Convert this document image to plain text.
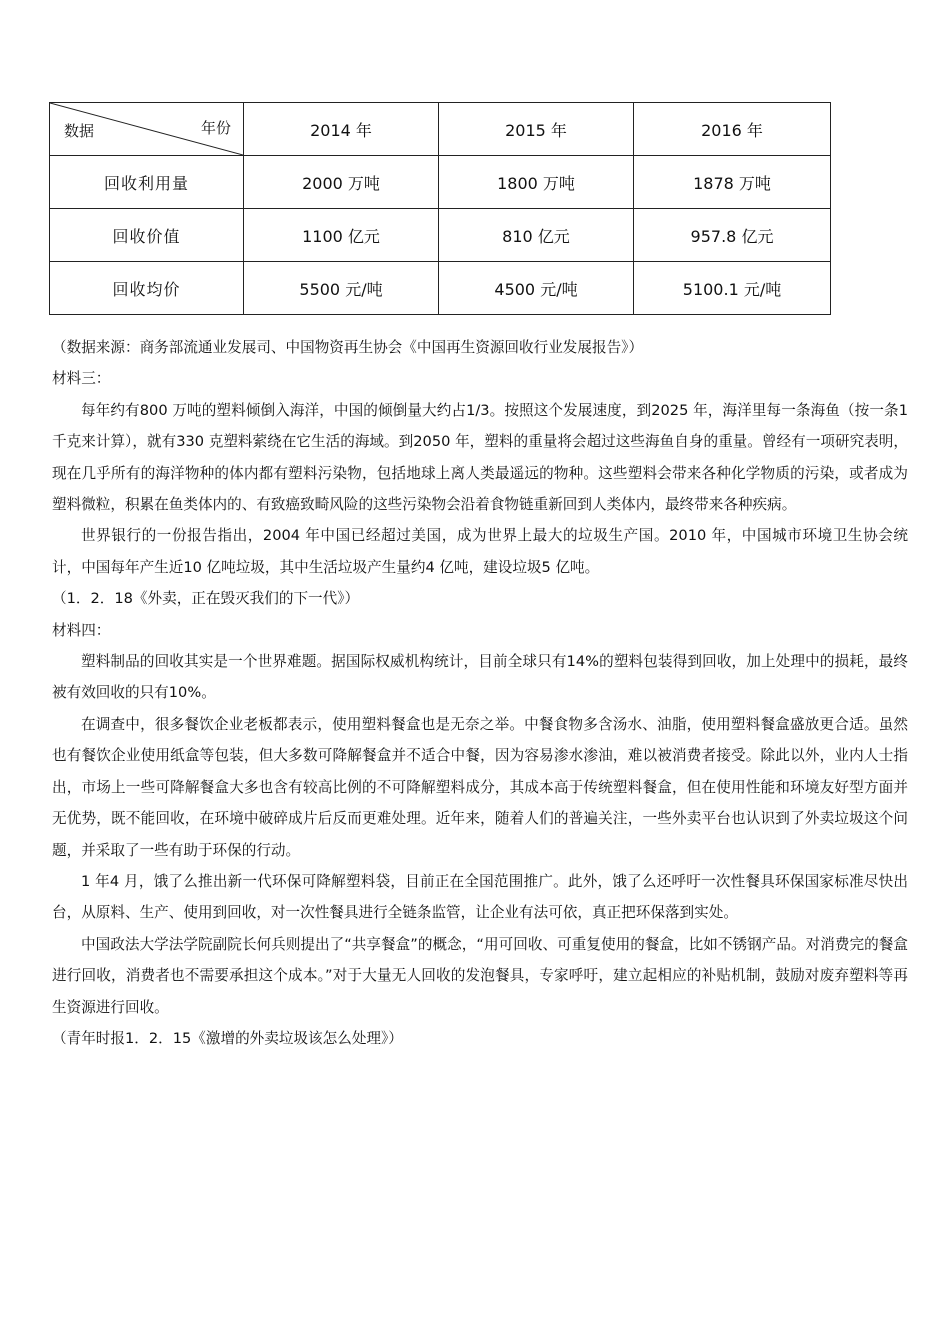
数据 年份	2014 年	2015 年	2016 年
回收利用量	2000 万吨	1800 万吨	1878 万吨
回收价值	1100 亿元	810 亿元	957.8 亿元
回收均价	5500 元/吨	4500 元/吨	5100.1 元/吨

（数据来源：商务部流通业发展司、中国物资再生协会《中国再生资源回收行业发展报告》）

材料三：

每年约有800 万吨的塑料倾倒入海洋，中国的倾倒量大约占1/3。按照这个发展速度，到2025 年，海洋里每一条海鱼（按一条1千克来计算），就有330 克塑料萦绕在它生活的海域。到2050 年，塑料的重量将会超过这些海鱼自身的重量。曾经有一项研究表明，现在几乎所有的海洋物种的体内都有塑料污染物，包括地球上离人类最遥远的物种。这些塑料会带来各种化学物质的污染，或者成为塑料微粒，积累在鱼类体内的、有致癌致畸风险的这些污染物会沿着食物链重新回到人类体内，最终带来各种疾病。

世界银行的一份报告指出，2004 年中国已经超过美国，成为世界上最大的垃圾生产国。2010 年，中国城市环境卫生协会统计，中国每年产生近10 亿吨垃圾，其中生活垃圾产生量约4 亿吨，建设垃圾5 亿吨。

（1．2．18《外卖，正在毁灭我们的下一代》）

材料四：

塑料制品的回收其实是一个世界难题。据国际权威机构统计，目前全球只有14%的塑料包装得到回收，加上处理中的损耗，最终被有效回收的只有10%。

在调查中，很多餐饮企业老板都表示，使用塑料餐盒也是无奈之举。中餐食物多含汤水、油脂，使用塑料餐盒盛放更合适。虽然也有餐饮企业使用纸盒等包装，但大多数可降解餐盒并不适合中餐，因为容易渗水渗油，难以被消费者接受。除此以外，业内人士指出，市场上一些可降解餐盒大多也含有较高比例的不可降解塑料成分，其成本高于传统塑料餐盒，但在使用性能和环境友好型方面并无优势，既不能回收，在环境中破碎成片后反而更难处理。近年来，随着人们的普遍关注，一些外卖平台也认识到了外卖垃圾这个问题，并采取了一些有助于环保的行动。

1 年4 月，饿了么推出新一代环保可降解塑料袋，目前正在全国范围推广。此外，饿了么还呼吁一次性餐具环保国家标准尽快出台，从原料、生产、使用到回收，对一次性餐具进行全链条监管，让企业有法可依，真正把环保落到实处。

中国政法大学法学院副院长何兵则提出了“共享餐盒”的概念，“用可回收、可重复使用的餐盒，比如不锈钢产品。对消费完的餐盒进行回收，消费者也不需要承担这个成本。”对于大量无人回收的发泡餐具，专家呼吁，建立起相应的补贴机制，鼓励对废弃塑料等再生资源进行回收。

（青年时报1．2．15《激增的外卖垃圾该怎么处理》）
